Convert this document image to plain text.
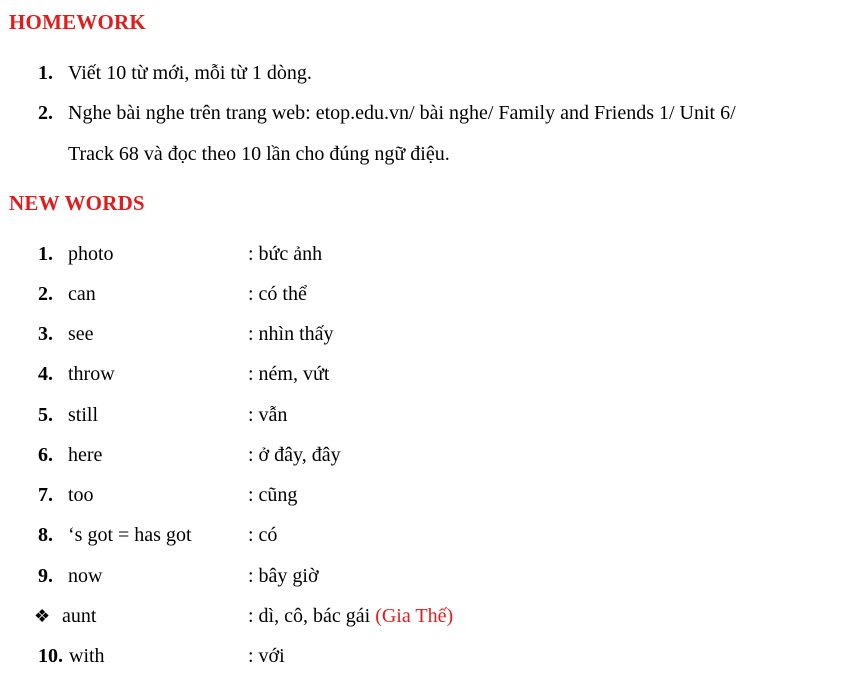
HOMEWORK
1. Viết 10 từ mới, mỗi từ 1 dòng.
2. Nghe bài nghe trên trang web: etop.edu.vn/ bài nghe/ Family and Friends 1/ Unit 6/
Track 68 và đọc theo 10 lần cho đúng ngữ điệu.
NEW WORDS
1. photo	: bức ảnh
2. can	: có thể
3. see	: nhìn thấy
4. throw	: ném, vứt
5. still	: vẫn
6. here	: ở đây, đây
7. too	: cũng
8. ‘s got = has got	: có
9. now	: bây giờ
❖ aunt	: dì, cô, bác gái (Gia Thế)
10. with	: với
